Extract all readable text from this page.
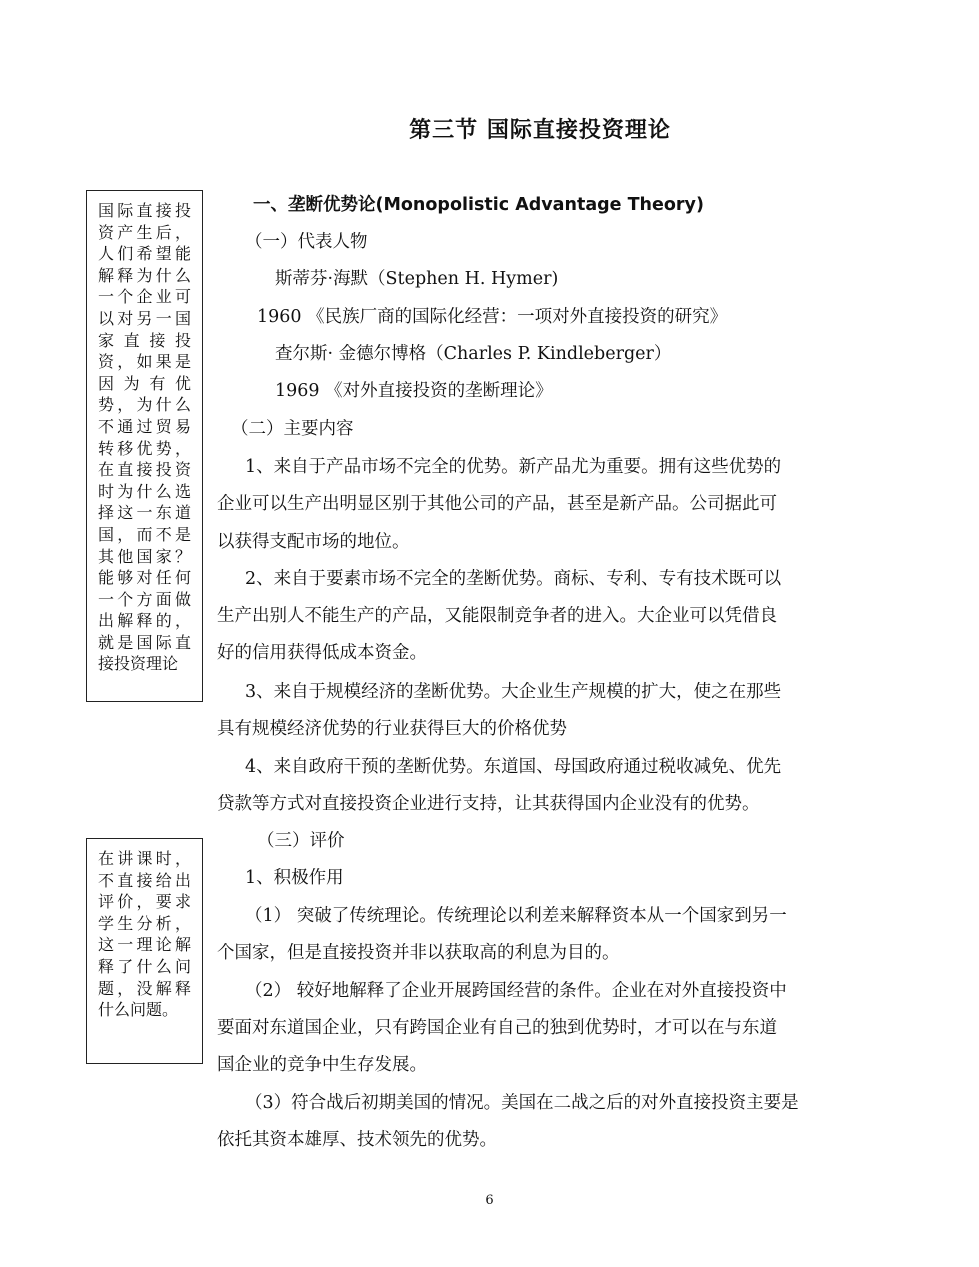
第三节 国际直接投资理论
国际直接投资产生后，人们希望能解释为什么一个企业可以对另一国家直接投资，如果是因为有优势，为什么不通过贸易转移优势，在直接投资时为什么选择这一东道国，而不是其他国家？能够对任何一个方面做出解释的，就是国际直接投资理论
在讲课时，不直接给出评价，要求学生分析，这一理论解释了什么问题，没解释什么问题。
一、垄断优势论(Monopolistic Advantage Theory)
（一）代表人物
斯蒂芬·海默（Stephen H. Hymer)
1960 《民族厂商的国际化经营：一项对外直接投资的研究》
查尔斯· 金德尔博格（Charles P. Kindleberger）
1969 《对外直接投资的垄断理论》
（二）主要内容
1、来自于产品市场不完全的优势。新产品尤为重要。拥有这些优势的
企业可以生产出明显区别于其他公司的产品，甚至是新产品。公司据此可
以获得支配市场的地位。
2、来自于要素市场不完全的垄断优势。商标、专利、专有技术既可以
生产出别人不能生产的产品，又能限制竞争者的进入。大企业可以凭借良
好的信用获得低成本资金。
3、来自于规模经济的垄断优势。大企业生产规模的扩大，使之在那些
具有规模经济优势的行业获得巨大的价格优势
4、来自政府干预的垄断优势。东道国、母国政府通过税收减免、优先
贷款等方式对直接投资企业进行支持，让其获得国内企业没有的优势。
（三）评价
1、积极作用
（1） 突破了传统理论。传统理论以利差来解释资本从一个国家到另一
个国家，但是直接投资并非以获取高的利息为目的。
（2） 较好地解释了企业开展跨国经营的条件。企业在对外直接投资中
要面对东道国企业，只有跨国企业有自己的独到优势时，才可以在与东道
国企业的竞争中生存发展。
（3）符合战后初期美国的情况。美国在二战之后的对外直接投资主要是
依托其资本雄厚、技术领先的优势。
6
